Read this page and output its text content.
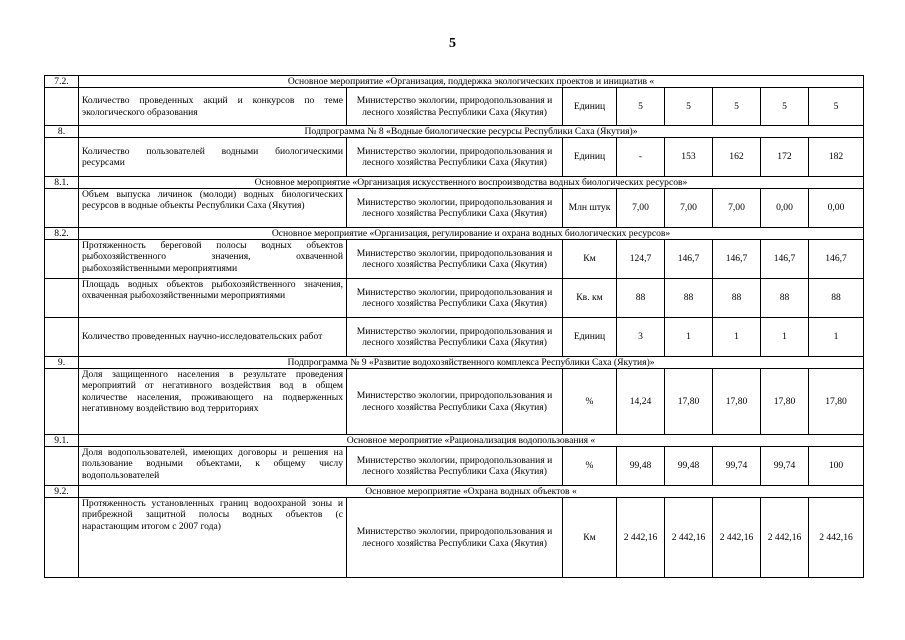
5
7.2.	Основное мероприятие «Организация, поддержка экологических проектов и инициатив «							
	Количество проведенных акций и конкурсов по теме экологического образования	Министерство экологии, природопользования и лесного хозяйства Республики Саха (Якутия)	Единиц	5	5	5	5	5
8.	Подпрограмма № 8 «Водные биологические ресурсы Республики Саха (Якутия)»							
	Количество пользователей водными биологическими ресурсами	Министерство экологии, природопользования и лесного хозяйства Республики Саха (Якутия)	Единиц	-	153	162	172	182
8.1.	Основное мероприятие «Организация искусственного воспроизводства водных биологических ресурсов»							
	Объем выпуска личинок (молоди) водных биологических ресурсов в водные объекты Республики Саха (Якутия)	Министерство экологии, природопользования и лесного хозяйства Республики Саха (Якутия)	Млн штук	7,00	7,00	7,00	0,00	0,00
8.2.	Основное мероприятие «Организация, регулирование и охрана водных биологических ресурсов»							
	Протяженность береговой полосы водных объектов рыбохозяйственного значения, охваченной рыбохозяйственными мероприятиями	Министерство экологии, природопользования и лесного хозяйства Республики Саха (Якутия)	Км	124,7	146,7	146,7	146,7	146,7
	Площадь водных объектов рыбохозяйственного значения, охваченная рыбохозяйственными мероприятиями	Министерство экологии, природопользования и лесного хозяйства Республики Саха (Якутия)	Кв. км	88	88	88	88	88
	Количество проведенных научно-исследовательских работ	Министерство экологии, природопользования и лесного хозяйства Республики Саха (Якутия)	Единиц	3	1	1	1	1
9.	Подпрограмма № 9 «Развитие водохозяйственного комплекса Республики Саха (Якутия)»							
	Доля защищенного населения в результате проведения мероприятий от негативного воздействия вод в общем количестве населения, проживающего на подверженных негативному воздействию вод территориях	Министерство экологии, природопользования и лесного хозяйства Республики Саха (Якутия)	%	14,24	17,80	17,80	17,80	17,80
9.1.	Основное мероприятие «Рационализация водопользования «							
	Доля водопользователей, имеющих договоры и решения на пользование водными объектами, к общему числу водопользователей	Министерство экологии, природопользования и лесного хозяйства Республики Саха (Якутия)	%	99,48	99,48	99,74	99,74	100
9.2.	Основное мероприятие «Охрана водных объектов «							
	Протяженность установленных границ водоохраной зоны и прибрежной защитной полосы водных объектов (с нарастающим итогом с 2007 года)	Министерство экологии, природопользования и лесного хозяйства Республики Саха (Якутия)	Км	2 442,16	2 442,16	2 442,16	2 442,16	2 442,16
